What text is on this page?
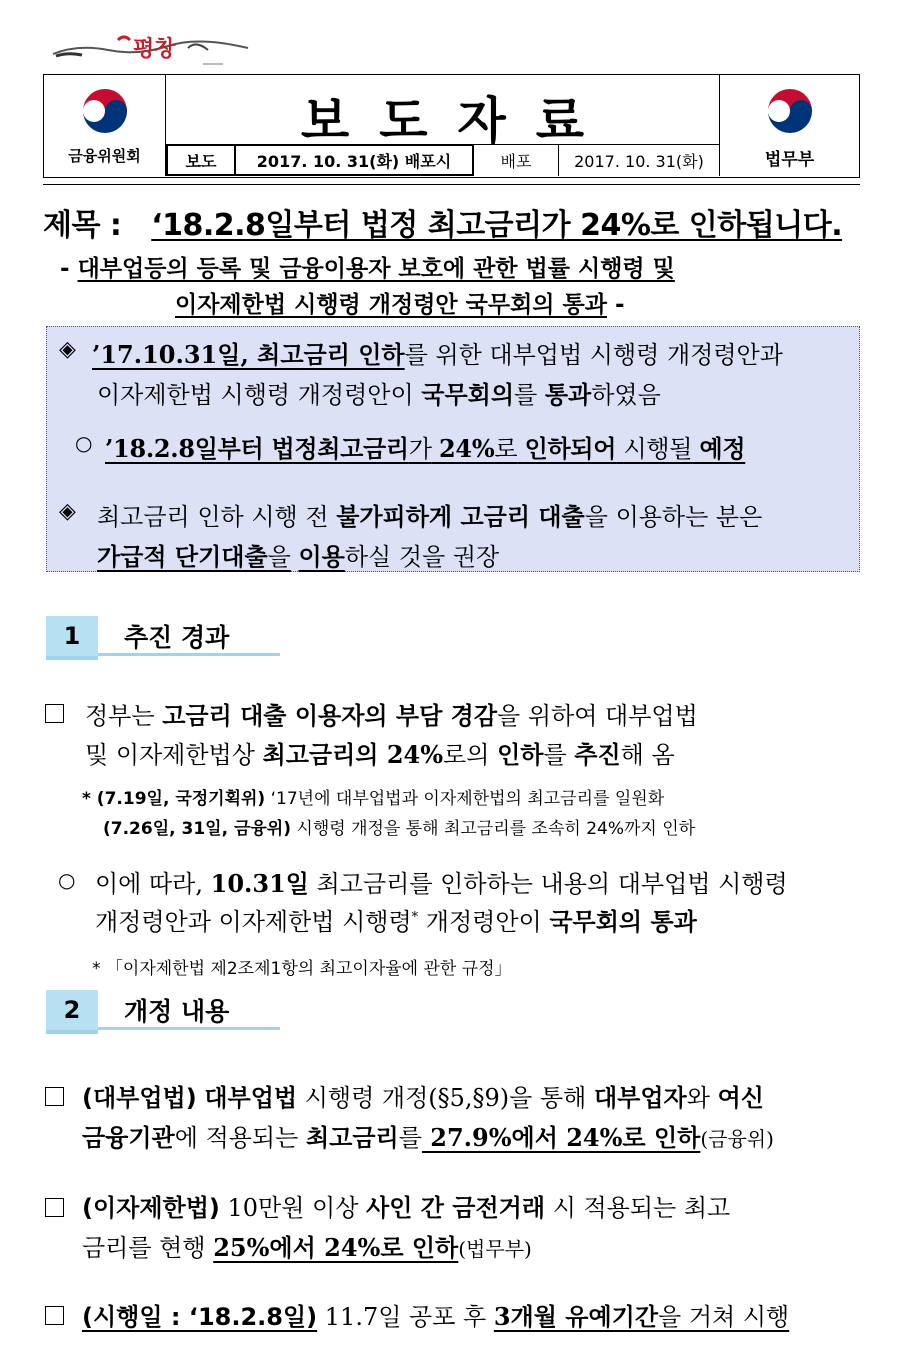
평창
금융위원회
보도자료
보도	2017. 10. 31(화) 배포시	배포	2017. 10. 31(화)	법무부
제목 : ‘18.2.8일부터 법정 최고금리가 24%로 인하됩니다.
- 대부업등의 등록 및 금융이용자 보호에 관한 법률 시행령 및
이자제한법 시행령 개정령안 국무회의 통과 -
◈ ’17.10.31일, 최고금리 인하를 위한 대부업법 시행령 개정령안과
이자제한법 시행령 개정령안이 국무회의를 통과하였음
○ ’18.2.8일부터 법정최고금리가 24%로 인하되어 시행될 예정
◈ 최고금리 인하 시행 전 불가피하게 고금리 대출을 이용하는 분은
가급적 단기대출을 이용하실 것을 권장
1	추진 경과
정부는 고금리 대출 이용자의 부담 경감을 위하여 대부업법
및 이자제한법상 최고금리의 24%로의 인하를 추진해 옴
* (7.19일, 국정기획위) ‘17년에 대부업법과 이자제한법의 최고금리를 일원화
(7.26일, 31일, 금융위) 시행령 개정을 통해 최고금리를 조속히 24%까지 인하
○ 이에 따라, 10.31일 최고금리를 인하하는 내용의 대부업법 시행령
개정령안과 이자제한법 시행령* 개정령안이 국무회의 통과
* 「이자제한법 제2조제1항의 최고이자율에 관한 규정」
2	개정 내용
(대부업법) 대부업법 시행령 개정(§5,§9)을 통해 대부업자와 여신
금융기관에 적용되는 최고금리를 27.9%에서 24%로 인하(금융위)
(이자제한법) 10만원 이상 사인 간 금전거래 시 적용되는 최고
금리를 현행 25%에서 24%로 인하(법무부)
(시행일 : ‘18.2.8일) 11.7일 공포 후 3개월 유예기간을 거쳐 시행
